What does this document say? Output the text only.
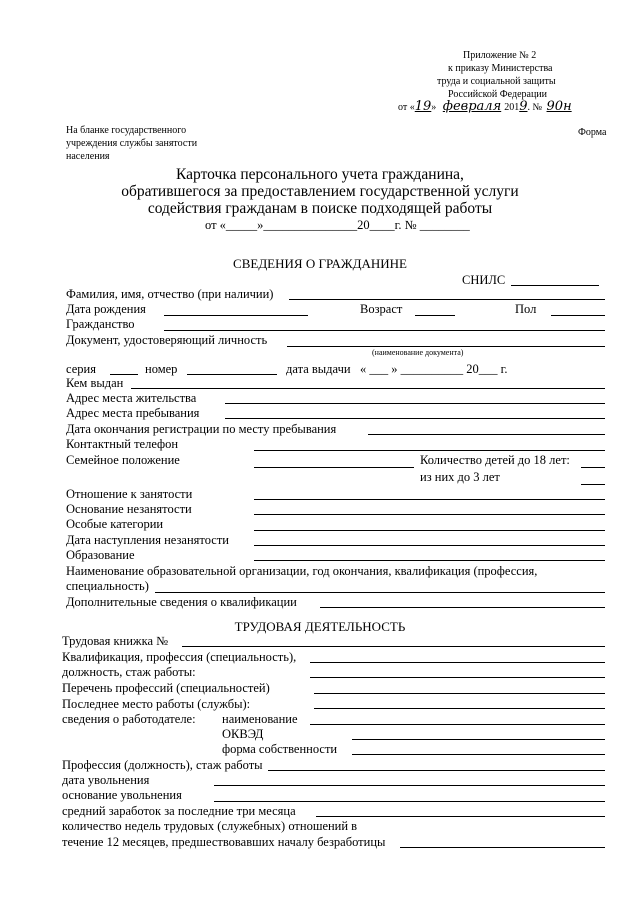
Приложение № 2
к приказу Министерства
труда и социальной защиты
Российской Федерации
от «19» февраля 2019. № 90н
На бланке государственного
учреждения службы занятости
населения
Форма
Карточка персонального учета гражданина,
обратившегося за предоставлением государственной услуги
содействия гражданам в поиске подходящей работы
от «_____»_______________20____г. № ________
СВЕДЕНИЯ О ГРАЖДАНИНЕ
СНИЛС
Фамилия, имя, отчество (при наличии)
Дата рождения	Возраст	Пол
Гражданство
Документ, удостоверяющий личность
(наименование документа)
серия	номер	дата выдачи « ___ » __________ 20___ г.
Кем выдан
Адрес места жительства
Адрес места пребывания
Дата окончания регистрации по месту пребывания
Контактный телефон
Семейное положение	Количество детей до 18 лет:
из них до 3 лет
Отношение к занятости
Основание незанятости
Особые категории
Дата наступления незанятости
Образование
Наименование образовательной организации, год окончания, квалификация (профессия,
специальность)
Дополнительные сведения о квалификации
ТРУДОВАЯ ДЕЯТЕЛЬНОСТЬ
Трудовая книжка №
Квалификация, профессия (специальность),
должность, стаж работы:
Перечень профессий (специальностей)
Последнее место работы (службы):
сведения о работодателе: наименование
ОКВЭД
форма собственности
Профессия (должность), стаж работы
дата увольнения
основание увольнения
средний заработок за последние три месяца
количество недель трудовых (служебных) отношений в
течение 12 месяцев, предшествовавших началу безработицы
